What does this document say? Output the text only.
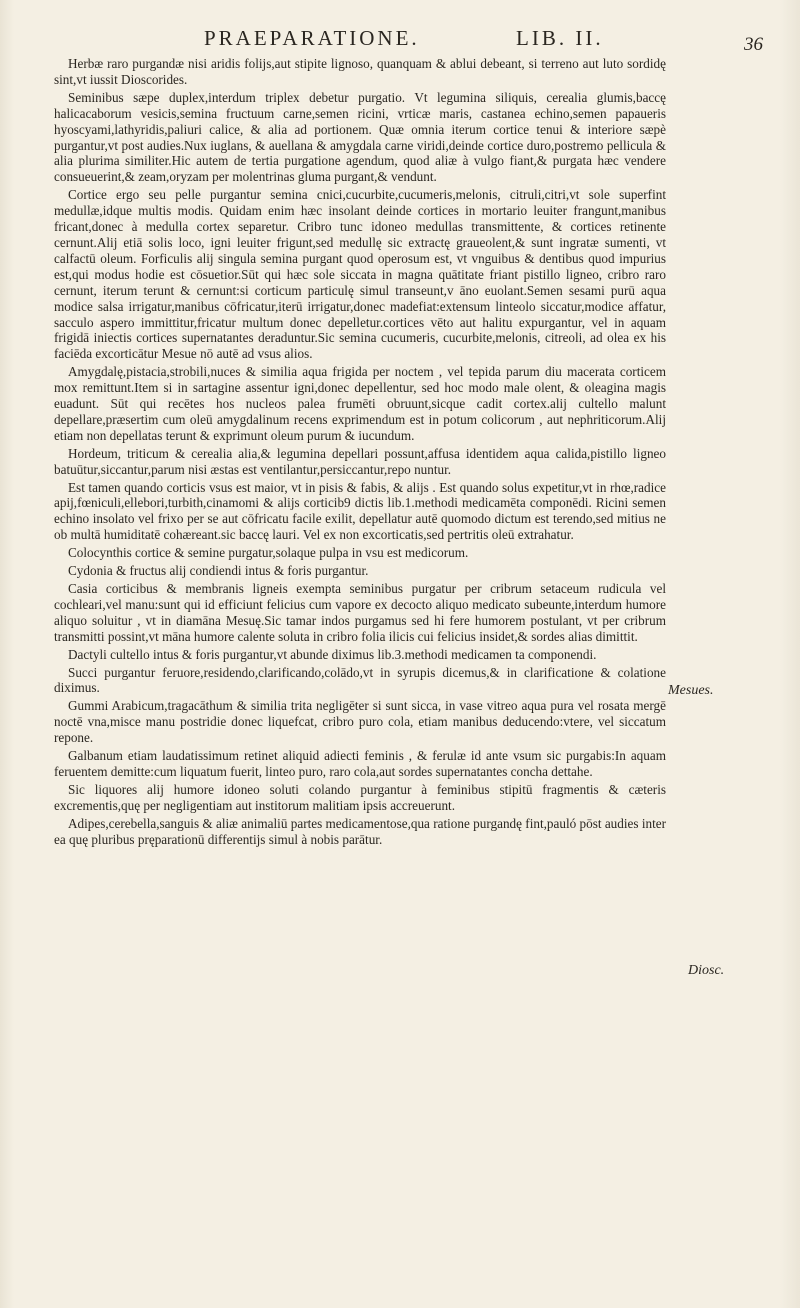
PRAEPARATIONE.	LIB. II.	36

Herbæ raro purgandæ nisi aridis folijs,aut stipite lignoso, quanquam & ablui debeant, si terreno aut luto sordidę sint,vt iussit Dioscorides.

Seminibus sæpe duplex,interdum triplex debetur purgatio. Vt legumina siliquis, cerealia glumis,baccę halicacaborum vesicis,semina fructuum carne,semen ricini, vrticæ maris, castanea echino,semen papaueris hyoscyami,lathyridis,paliuri calice, & alia ad portionem. Quæ omnia iterum cortice tenui & interiore sæpè purgantur,vt post audies.Nux iuglans, & auellana & amygdala carne viridi,deinde cortice duro,postremo pellicula & alia plurima similiter.Hic autem de tertia purgatione agendum, quod aliæ à vulgo fiant,& purgata hæc vendere consueuerint,& zeam,oryzam per molentrinas gluma purgant,& vendunt.

Cortice ergo seu pelle purgantur semina cnici,cucurbite,cucumeris,melonis, citruli,citri,vt sole superfint medullæ,idque multis modis. Quidam enim hæc insolant deinde cortices in mortario leuiter frangunt,manibus fricant,donec à medulla cortex separetur. Cribro tunc idoneo medullas transmittente, & cortices retinente cernunt.Alij etiā solis loco, igni leuiter frigunt,sed medullę sic extractę graueolent,& sunt ingratæ sumenti, vt calfactū oleum. Forficulis alij singula semina purgant quod operosum est, vt vnguibus & dentibus quod impurius est,qui modus hodie est cōsuetior.Sūt qui hæc sole siccata in magna quātitate friant pistillo ligneo, cribro raro cernunt, iterum terunt & cernunt:si corticum particulę simul transeunt,v āno euolant.Semen sesami purū aqua modice salsa irrigatur,manibus cōfricatur,iterū irrigatur,donec madefiat:extensum linteolo siccatur,modice affatur, sacculo aspero immittitur,fricatur multum donec depelletur.cortices vēto aut halitu expurgantur, vel in aquam frigidā iniectis cortices supernatantes deraduntur.Sic semina cucumeris, cucurbite,melonis, citreoli, ad olea ex his faciēda excorticātur Mesue nō autē ad vsus alios.

Amygdalę,pistacia,strobili,nuces & similia aqua frigida per noctem , vel tepida parum diu macerata corticem mox remittunt.Item si in sartagine assentur igni,donec depellentur, sed hoc modo male olent, & oleagina magis euadunt. Sūt qui recētes hos nucleos palea frumēti obruunt,sicque cadit cortex.alij cultello malunt depellare,præsertim cum oleū amygdalinum recens exprimendum est in potum colicorum , aut nephriticorum.Alij etiam non depellatas terunt & exprimunt oleum purum & iucundum.

Hordeum, triticum & cerealia alia,& legumina depellari possunt,affusa identidem aqua calida,pistillo ligneo batuūtur,siccantur,parum nisi æstas est ventilantur,persiccantur,repo nuntur.

Est tamen quando corticis vsus est maior, vt in pisis & fabis, & alijs . Est quando solus expetitur,vt in rhœ,radice apij,fœniculi,ellebori,turbith,cinamomi & alijs corticib9 dictis lib.1.methodi medicamēta componēdi. Ricini semen echino insolato vel frixo per se aut cōfricatu facile exilit, depellatur autē quomodo dictum est terendo,sed mitius ne ob multā humiditatē cohæreant.sic baccę lauri. Vel ex non excorticatis,sed pertritis oleū extrahatur.

Colocynthis cortice & semine purgatur,solaque pulpa in vsu est medicorum.

Cydonia & fructus alij condiendi intus & foris purgantur.

Casia corticibus & membranis ligneis exempta seminibus purgatur per cribrum setaceum rudicula vel cochleari,vel manu:sunt qui id efficiunt felicius cum vapore ex decocto aliquo medicato subeunte,interdum humore aliquo soluitur , vt in diamāna Mesuę.Sic tamar indos purgamus sed hi fere humorem postulant, vt per cribrum transmitti possint,vt māna humore calente soluta in cribro folia ilicis cui felicius insidet,& sordes alias dimittit.

Dactyli cultello intus & foris purgantur,vt abunde diximus lib.3.methodi medicamen ta componendi.

Succi purgantur feruore,residendo,clarificando,colādo,vt in syrupis dicemus,& in clarificatione & colatione diximus.

Gummi Arabicum,tragacāthum & similia trita negligēter si sunt sicca, in vase vitreo aqua pura vel rosata mergē noctē vna,misce manu postridie donec liquefcat, cribro puro cola, etiam manibus deducendo:vtere, vel siccatum repone.

Galbanum etiam laudatissimum retinet aliquid adiecti feminis , & ferulæ id ante vsum sic purgabis:In aquam feruentem demitte:cum liquatum fuerit, linteo puro, raro cola,aut sordes supernatantes concha dettahe.

Sic liquores alij humore idoneo soluti colando purgantur à feminibus stipitū fragmentis & cæteris excrementis,quę per negligentiam aut institorum malitiam ipsis accreuerunt.

Adipes,cerebella,sanguis & aliæ animaliū partes medicamentose,qua ratione purgandę fint,pauló pōst audies inter ea quę pluribus pręparationū differentijs simul à nobis parātur.

Mesues.
Diosc.
